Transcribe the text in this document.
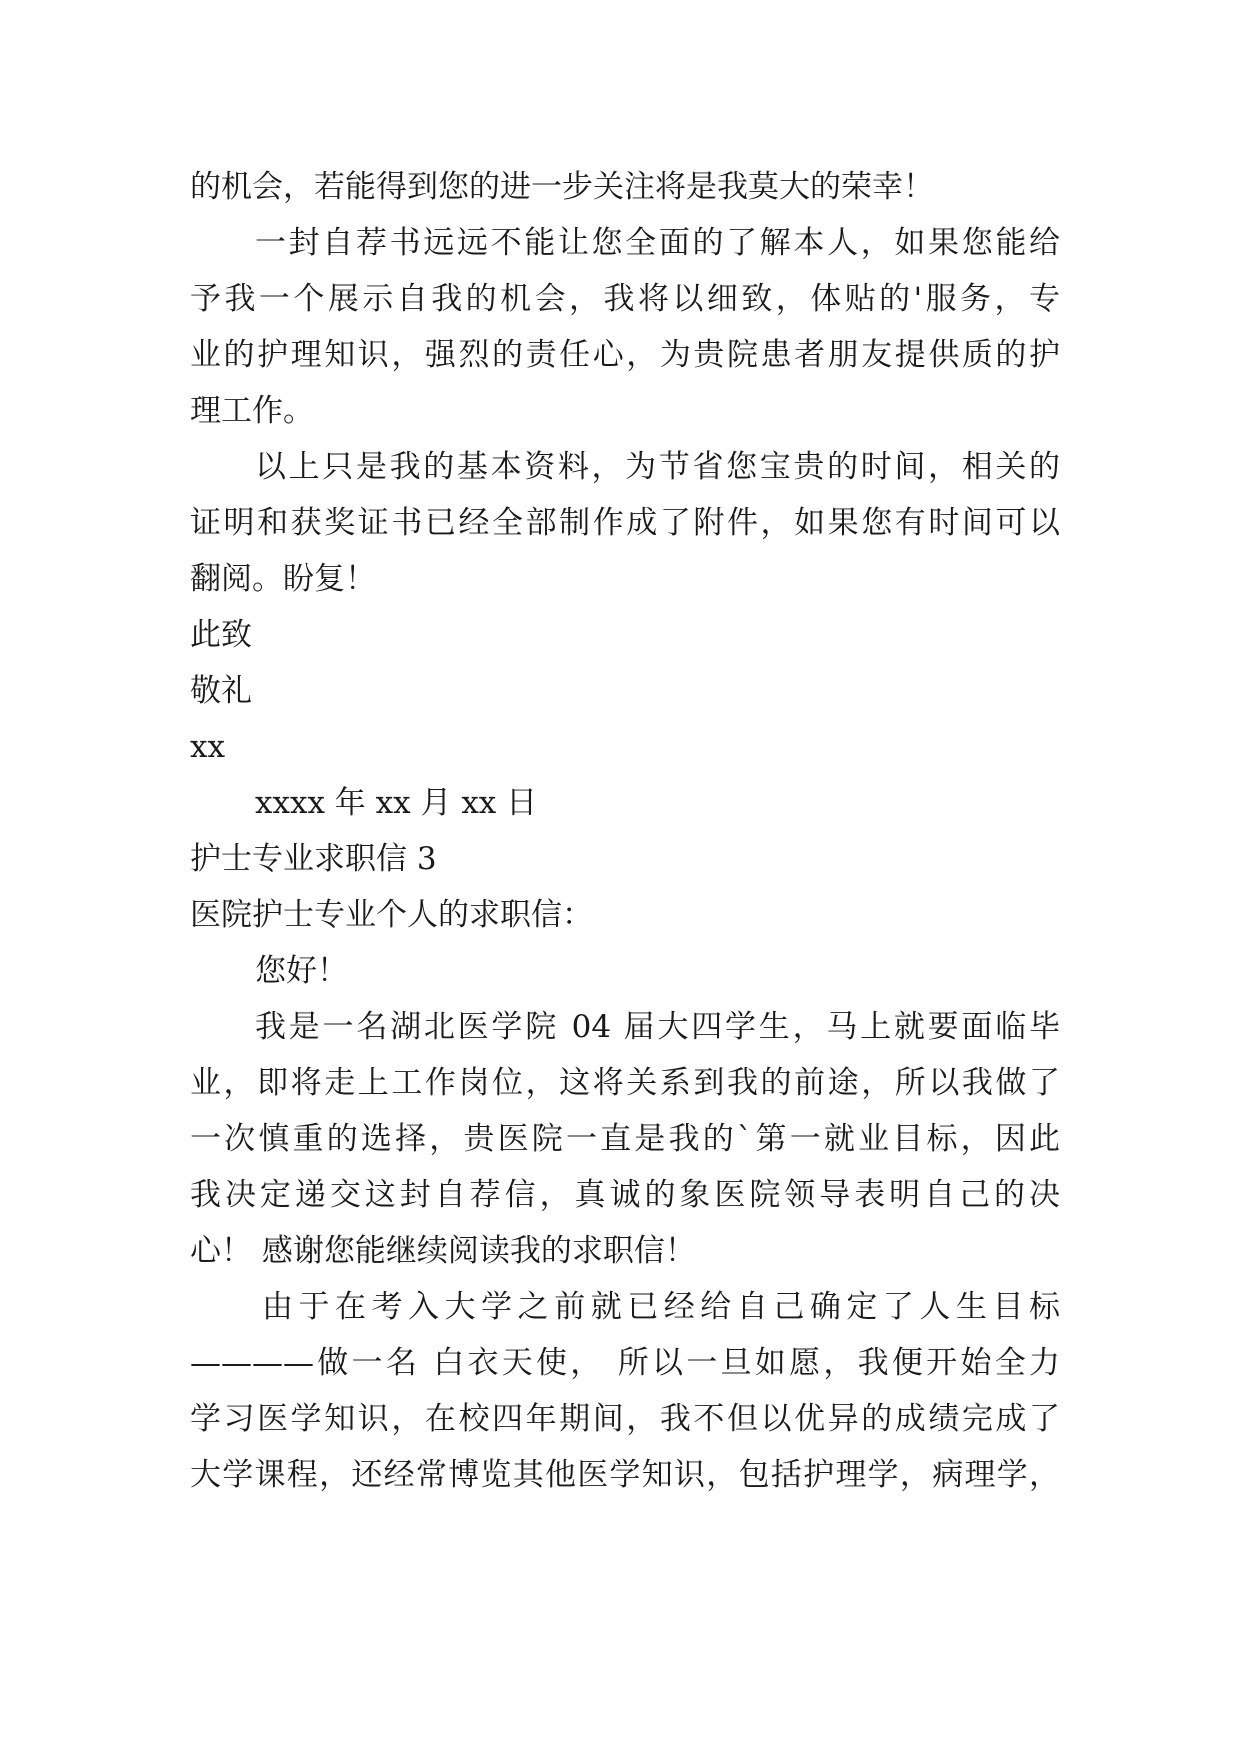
的机会，若能得到您的进一步关注将是我莫大的荣幸！
一封自荐书远远不能让您全面的了解本人，如果您能给
予我一个展示自我的机会，我将以细致，体贴的'服务，专
业的护理知识，强烈的责任心，为贵院患者朋友提供质的护
理工作。
以上只是我的基本资料，为节省您宝贵的时间，相关的
证明和获奖证书已经全部制作成了附件，如果您有时间可以
翻阅。盼复！
此致
敬礼
xx
xxxx 年 xx 月 xx 日
护士专业求职信 3
医院护士专业个人的求职信：
您好！
我是一名湖北医学院 04 届大四学生，马上就要面临毕
业，即将走上工作岗位，这将关系到我的前途，所以我做了
一次慎重的选择，贵医院一直是我的`第一就业目标，因此
我决定递交这封自荐信，真诚的象医院领导表明自己的决
心！ 感谢您能继续阅读我的求职信！
由于在考入大学之前就已经给自己确定了人生目标
————做一名 白衣天使， 所以一旦如愿，我便开始全力
学习医学知识，在校四年期间，我不但以优异的成绩完成了
大学课程，还经常博览其他医学知识，包括护理学，病理学，
